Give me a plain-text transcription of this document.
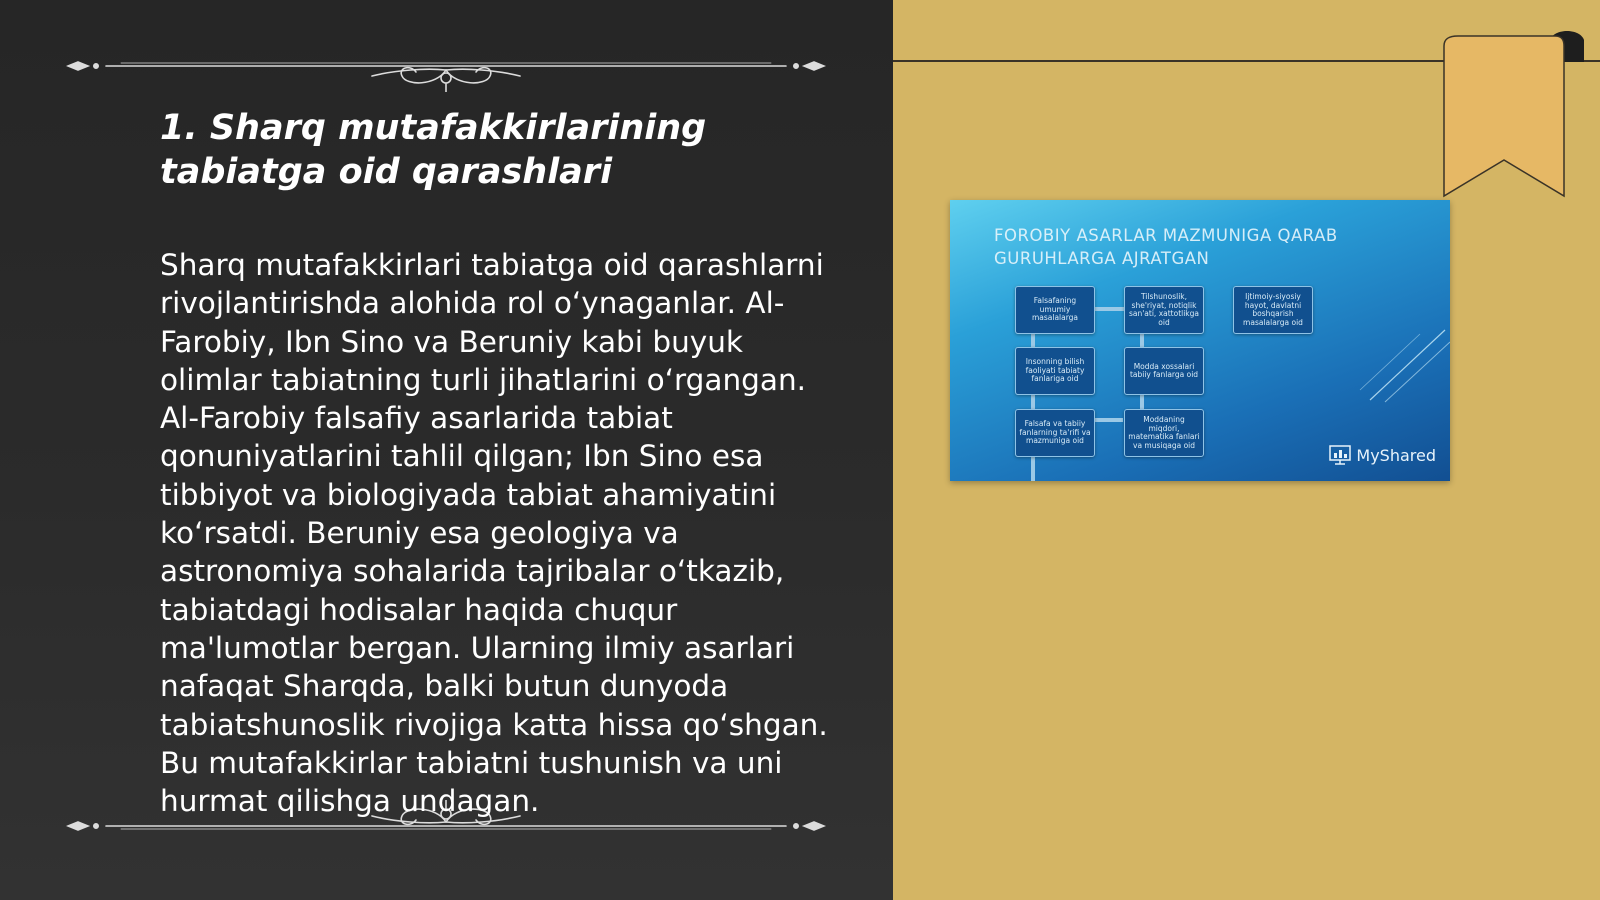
1. Sharq mutafakkirlarining tabiatga oid qarashlari

Sharq mutafakkirlari tabiatga oid qarashlarni rivojlantirishda alohida rol o‘ynaganlar. Al-Farobiy, Ibn Sino va Beruniy kabi buyuk olimlar tabiatning turli jihatlarini o‘rgangan. Al-Farobiy falsafiy asarlarida tabiat qonuniyatlarini tahlil qilgan; Ibn Sino esa tibbiyot va biologiyada tabiat ahamiyatini ko‘rsatdi. Beruniy esa geologiya va astronomiya sohalarida tajribalar o‘tkazib, tabiatdagi hodisalar haqida chuqur ma'lumotlar bergan. Ularning ilmiy asarlari nafaqat Sharqda, balki butun dunyoda tabiatshunoslik rivojiga katta hissa qo‘shgan. Bu mutafakkirlar tabiatni tushunish va uni hurmat qilishga undagan.

FOROBIY ASARLAR MAZMUNIGA QARAB GURUHLARGA AJRATGAN

Falsafaning umumiy masalalarga
Tilshunoslik, she'riyat, notiqlik san'ati, xattotlikga oid
Ijtimoiy-siyosiy hayot, davlatni boshqarish masalalarga oid
Insonning bilish faoliyati tabiaty fanlariga oid
Modda xossalari tabiiy fanlarga oid
Falsafa va tabiiy fanlarning ta'rifi va mazmuniga oid
Moddaning miqdori, matematika fanlari va musiqaga oid
MyShared
